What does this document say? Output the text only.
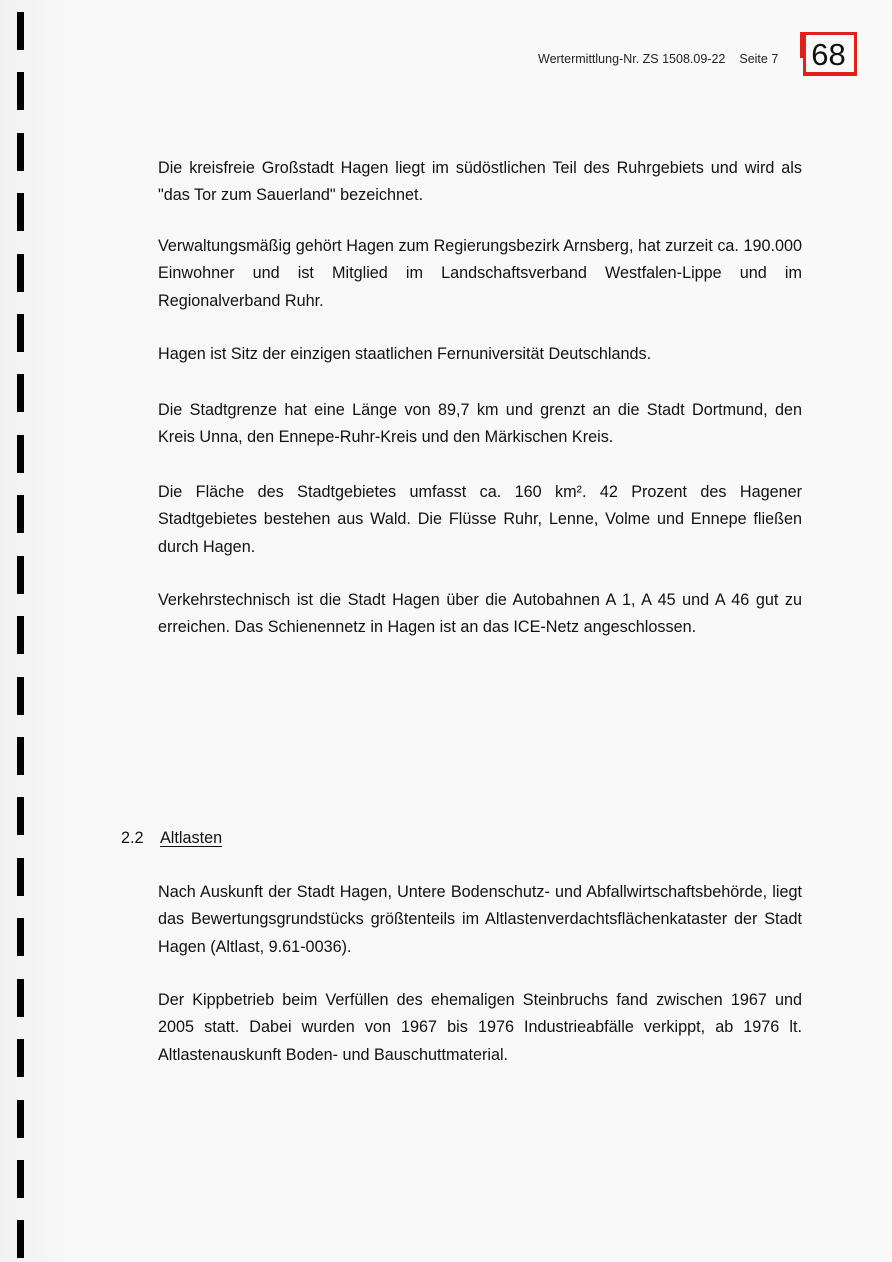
Wertermittlung-Nr. ZS 1508.09-22 Seite 7 68

Die kreisfreie Großstadt Hagen liegt im südöstlichen Teil des Ruhrgebiets und wird als "das Tor zum Sauerland" bezeichnet.

Verwaltungsmäßig gehört Hagen zum Regierungsbezirk Arnsberg, hat zurzeit ca. 190.000 Einwohner und ist Mitglied im Landschaftsverband Westfalen-Lippe und im Regionalverband Ruhr.

Hagen ist Sitz der einzigen staatlichen Fernuniversität Deutschlands.

Die Stadtgrenze hat eine Länge von 89,7 km und grenzt an die Stadt Dortmund, den Kreis Unna, den Ennepe-Ruhr-Kreis und den Märkischen Kreis.

Die Fläche des Stadtgebietes umfasst ca. 160 km². 42 Prozent des Hagener Stadtgebietes bestehen aus Wald. Die Flüsse Ruhr, Lenne, Volme und Ennepe fließen durch Hagen.

Verkehrstechnisch ist die Stadt Hagen über die Autobahnen A 1, A 45 und A 46 gut zu erreichen. Das Schienennetz in Hagen ist an das ICE-Netz angeschlossen.

2.2 Altlasten

Nach Auskunft der Stadt Hagen, Untere Bodenschutz- und Abfallwirtschaftsbehörde, liegt das Bewertungsgrundstücks größtenteils im Altlastenverdachtsflächenkataster der Stadt Hagen (Altlast, 9.61-0036).

Der Kippbetrieb beim Verfüllen des ehemaligen Steinbruchs fand zwischen 1967 und 2005 statt. Dabei wurden von 1967 bis 1976 Industrieabfälle verkippt, ab 1976 lt. Altlastenauskunft Boden- und Bauschuttmaterial.
